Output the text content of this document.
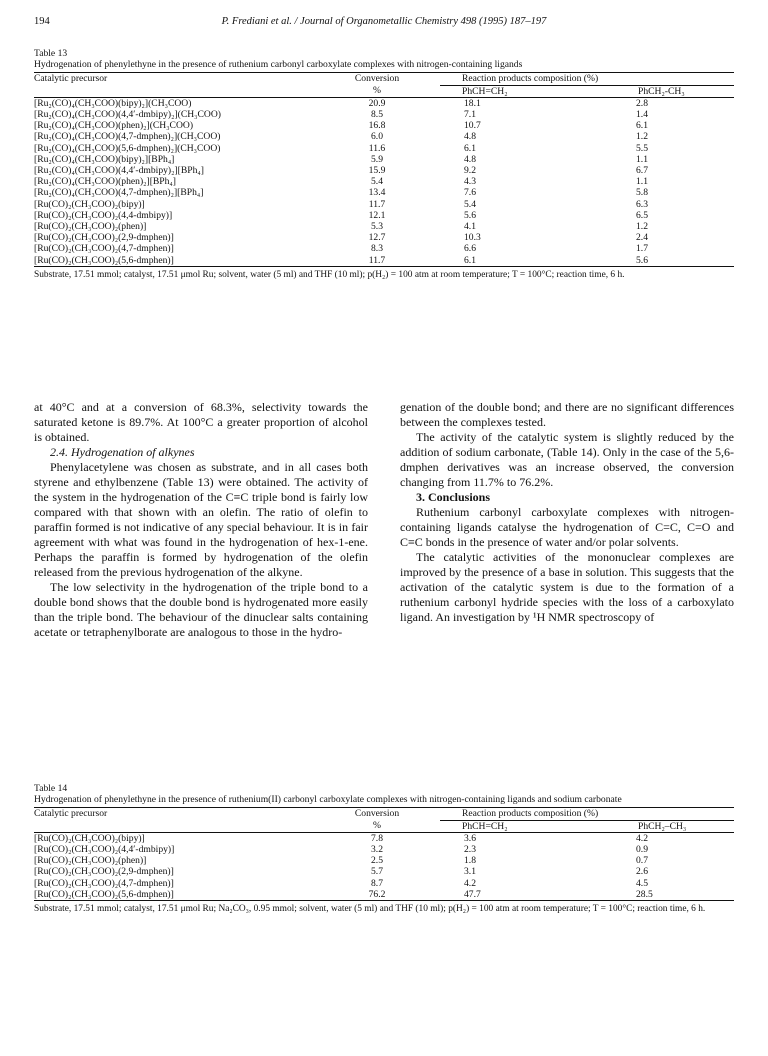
194	P. Frediani et al. / Journal of Organometallic Chemistry 498 (1995) 187–197

Table 13

Hydrogenation of phenylethyne in the presence of ruthenium carbonyl carboxylate complexes with nitrogen-containing ligands

Catalytic precursor	Conversion	Reaction products composition (%)	
	%	PhCH=CH₂	PhCH₂-CH₃
[Ru₂(CO)₄(CH₃COO)(bipy)₂](CH₃COO)	20.9	18.1	2.8
[Ru₂(CO)₄(CH₃COO)(4,4′-dmbipy)₂](CH₃COO)	8.5	7.1	1.4
[Ru₂(CO)₄(CH₃COO)(phen)₂](CH₃COO)	16.8	10.7	6.1
[Ru₂(CO)₄(CH₃COO)(4,7-dmphen)₂](CH₃COO)	6.0	4.8	1.2
[Ru₂(CO)₄(CH₃COO)(5,6-dmphen)₂](CH₃COO)	11.6	6.1	5.5
[Ru₂(CO)₄(CH₃COO)(bipy)₂][BPh₄]	5.9	4.8	1.1
[Ru₂(CO)₄(CH₃COO)(4,4′-dmbipy)₂][BPh₄]	15.9	9.2	6.7
[Ru₂(CO)₄(CH₃COO)(phen)₂][BPh₄]	5.4	4.3	1.1
[Ru₂(CO)₄(CH₃COO)(4,7-dmphen)₂][BPh₄]	13.4	7.6	5.8
[Ru(CO)₂(CH₃COO)₂(bipy)]	11.7	5.4	6.3
[Ru(CO)₂(CH₃COO)₂(4,4-dmbipy)]	12.1	5.6	6.5
[Ru(CO)₂(CH₃COO)₂(phen)]	5.3	4.1	1.2
[Ru(CO)₂(CH₃COO)₂(2,9-dmphen)]	12.7	10.3	2.4
[Ru(CO)₂(CH₃COO)₂(4,7-dmphen)]	8.3	6.6	1.7
[Ru(CO)₂(CH₃COO)₂(5,6-dmphen)]	11.7	6.1	5.6
Substrate, 17.51 mmol; catalyst, 17.51 μmol Ru; solvent, water (5 ml) and THF (10 ml); p(H₂) = 100 atm at room temperature; T = 100°C; reaction time, 6 h.

at 40°C and at a conversion of 68.3%, selectivity towards the saturated ketone is 89.7%. At 100°C a greater proportion of alcohol is obtained.

2.4. Hydrogenation of alkynes

Phenylacetylene was chosen as substrate, and in all cases both styrene and ethylbenzene (Table 13) were obtained. The activity of the system in the hydrogenation of the C≡C triple bond is fairly low compared with that shown with an olefin. The ratio of olefin to paraffin formed is not indicative of any special behaviour. It is in fair agreement with what was found in the hydrogenation of hex-1-ene. Perhaps the paraffin is formed by hydrogenation of the olefin released from the previous hydrogenation of the alkyne.

The low selectivity in the hydrogenation of the triple bond to a double bond shows that the double bond is hydrogenated more easily than the triple bond. The behaviour of the dinuclear salts containing acetate or tetraphenylborate are analogous to those in the hydro-

genation of the double bond; and there are no significant differences between the complexes tested.

The activity of the catalytic system is slightly reduced by the addition of sodium carbonate, (Table 14). Only in the case of the 5,6-dmphen derivatives was an increase observed, the conversion changing from 11.7% to 76.2%.

3. Conclusions

Ruthenium carbonyl carboxylate complexes with nitrogen-containing ligands catalyse the hydrogenation of C=C, C=O and C≡C bonds in the presence of water and/or polar solvents.

The catalytic activities of the mononuclear complexes are improved by the presence of a base in solution. This suggests that the activation of the catalytic system is due to the formation of a ruthenium carbonyl hydride species with the loss of a carboxylato ligand. An investigation by ¹H NMR spectroscopy of

Table 14

Hydrogenation of phenylethyne in the presence of ruthenium(II) carbonyl carboxylate complexes with nitrogen-containing ligands and sodium carbonate

Catalytic precursor	Conversion	Reaction products composition (%)	
	%	PhCH=CH₂	PhCH₂–CH₃
[Ru(CO)₂(CH₃COO)₂(bipy)]	7.8	3.6	4.2
[Ru(CO)₂(CH₃COO)₂(4,4′-dmbipy)]	3.2	2.3	0.9
[Ru(CO)₂(CH₃COO)₂(phen)]	2.5	1.8	0.7
[Ru(CO)₂(CH₃COO)₂(2,9-dmphen)]	5.7	3.1	2.6
[Ru(CO)₂(CH₃COO)₂(4,7-dmphen)]	8.7	4.2	4.5
[Ru(CO)₂(CH₃COO)₂(5,6-dmphen)]	76.2	47.7	28.5
Substrate, 17.51 mmol; catalyst, 17.51 μmol Ru; Na₂CO₃, 0.95 mmol; solvent, water (5 ml) and THF (10 ml); p(H₂) = 100 atm at room temperature; T = 100°C; reaction time, 6 h.
